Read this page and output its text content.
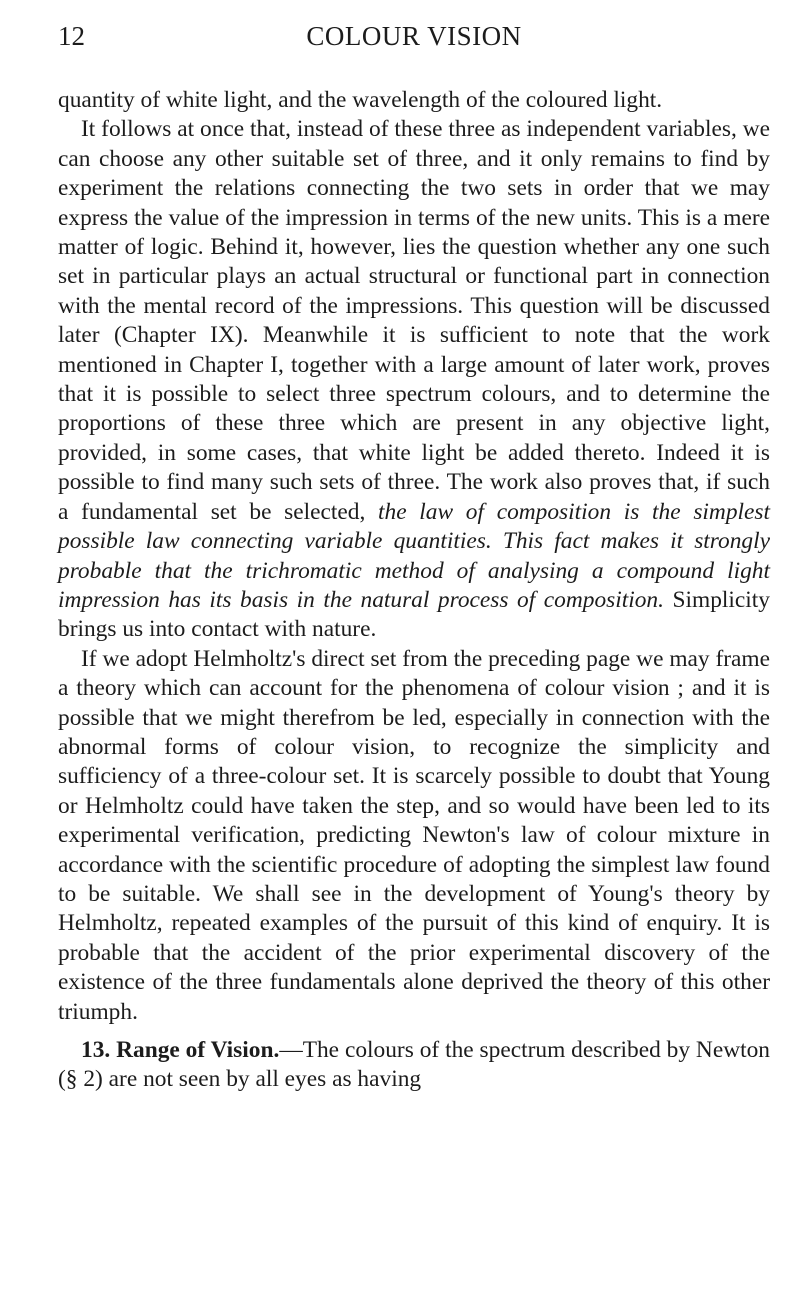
12	COLOUR VISION

quantity of white light, and the wavelength of the coloured light.

It follows at once that, instead of these three as independent variables, we can choose any other suitable set of three, and it only remains to find by experiment the relations connecting the two sets in order that we may express the value of the impression in terms of the new units. This is a mere matter of logic. Behind it, however, lies the question whether any one such set in particular plays an actual structural or functional part in connection with the mental record of the impressions. This question will be discussed later (Chapter IX). Meanwhile it is sufficient to note that the work mentioned in Chapter I, together with a large amount of later work, proves that it is possible to select three spectrum colours, and to determine the proportions of these three which are present in any objective light, provided, in some cases, that white light be added thereto. Indeed it is possible to find many such sets of three. The work also proves that, if such a fundamental set be selected, the law of composition is the simplest possible law connecting variable quantities. This fact makes it strongly probable that the trichromatic method of analysing a compound light impression has its basis in the natural process of composition. Simplicity brings us into contact with nature.

If we adopt Helmholtz's direct set from the preceding page we may frame a theory which can account for the phenomena of colour vision ; and it is possible that we might therefrom be led, especially in connection with the abnormal forms of colour vision, to recognize the simplicity and sufficiency of a three-colour set. It is scarcely possible to doubt that Young or Helmholtz could have taken the step, and so would have been led to its experimental verification, predicting Newton's law of colour mixture in accordance with the scientific procedure of adopting the simplest law found to be suitable. We shall see in the development of Young's theory by Helmholtz, repeated examples of the pursuit of this kind of enquiry. It is probable that the accident of the prior experimental discovery of the existence of the three fundamentals alone deprived the theory of this other triumph.

13. Range of Vision.—The colours of the spectrum described by Newton (§ 2) are not seen by all eyes as having
